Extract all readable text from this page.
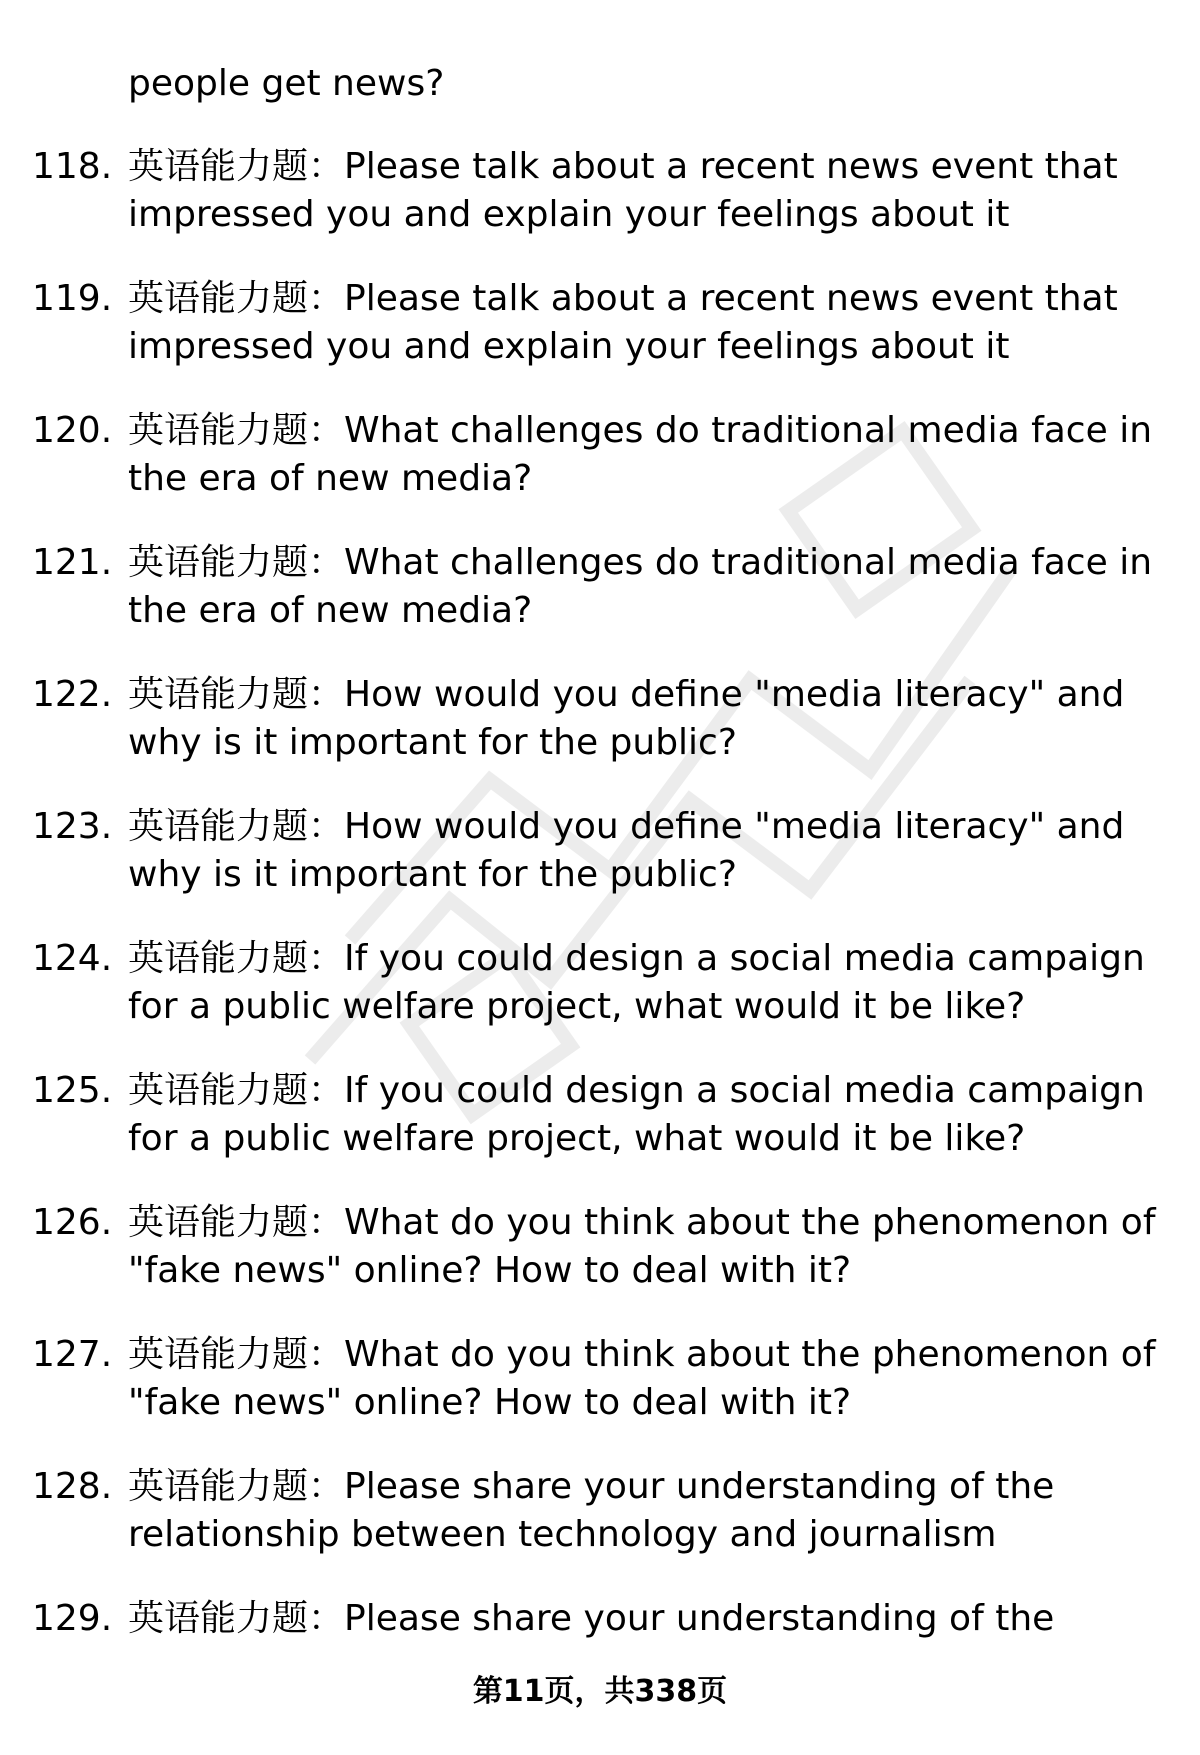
people get news?
118. 英语能力题：Please talk about a recent news event that impressed you and explain your feelings about it
119. 英语能力题：Please talk about a recent news event that impressed you and explain your feelings about it
120. 英语能力题：What challenges do traditional media face in the era of new media?
121. 英语能力题：What challenges do traditional media face in the era of new media?
122. 英语能力题：How would you define "media literacy" and why is it important for the public?
123. 英语能力题：How would you define "media literacy" and why is it important for the public?
124. 英语能力题：If you could design a social media campaign for a public welfare project, what would it be like?
125. 英语能力题：If you could design a social media campaign for a public welfare project, what would it be like?
126. 英语能力题：What do you think about the phenomenon of "fake news" online? How to deal with it?
127. 英语能力题：What do you think about the phenomenon of "fake news" online? How to deal with it?
128. 英语能力题：Please share your understanding of the relationship between technology and journalism
129. 英语能力题：Please share your understanding of the
第11页，共338页
